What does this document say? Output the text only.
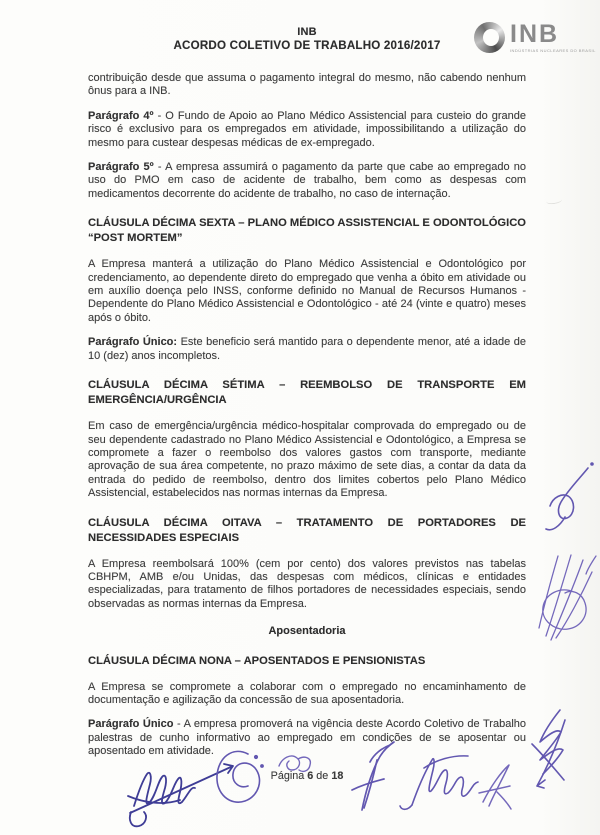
INB
ACORDO COLETIVO DE TRABALHO 2016/2017	INB
INDÚSTRIAS NUCLEARES DO BRASIL

contribuição desde que assuma o pagamento integral do mesmo, não cabendo nenhum ônus para a INB.

Parágrafo 4º - O Fundo de Apoio ao Plano Médico Assistencial para custeio do grande risco é exclusivo para os empregados em atividade, impossibilitando a utilização do mesmo para custear despesas médicas de ex-empregado.

Parágrafo 5º - A empresa assumirá o pagamento da parte que cabe ao empregado no uso do PMO em caso de acidente de trabalho, bem como as despesas com medicamentos decorrente do acidente de trabalho, no caso de internação.

CLÁUSULA DÉCIMA SEXTA – PLANO MÉDICO ASSISTENCIAL E ODONTOLÓGICO “POST MORTEM”

A Empresa manterá a utilização do Plano Médico Assistencial e Odontológico por credenciamento, ao dependente direto do empregado que venha a óbito em atividade ou em auxílio doença pelo INSS, conforme definido no Manual de Recursos Humanos - Dependente do Plano Médico Assistencial e Odontológico - até 24 (vinte e quatro) meses após o óbito.

Parágrafo Único: Este beneficio será mantido para o dependente menor, até a idade de 10 (dez) anos incompletos.

CLÁUSULA DÉCIMA SÉTIMA – REEMBOLSO DE TRANSPORTE EM EMERGÊNCIA/URGÊNCIA

Em caso de emergência/urgência médico-hospitalar comprovada do empregado ou de seu dependente cadastrado no Plano Médico Assistencial e Odontológico, a Empresa se compromete a fazer o reembolso dos valores gastos com transporte, mediante aprovação de sua área competente, no prazo máximo de sete dias, a contar da data da entrada do pedido de reembolso, dentro dos limites cobertos pelo Plano Médico Assistencial, estabelecidos nas normas internas da Empresa.

CLÁUSULA DÉCIMA OITAVA – TRATAMENTO DE PORTADORES DE NECESSIDADES ESPECIAIS

A Empresa reembolsará 100% (cem por cento) dos valores previstos nas tabelas CBHPM, AMB e/ou Unidas, das despesas com médicos, clínicas e entidades especializadas, para tratamento de filhos portadores de necessidades especiais, sendo observadas as normas internas da Empresa.

Aposentadoria

CLÁUSULA DÉCIMA NONA – APOSENTADOS E PENSIONISTAS

A Empresa se compromete a colaborar com o empregado no encaminhamento de documentação e agilização da concessão de sua aposentadoria.

Parágrafo Único - A empresa promoverá na vigência deste Acordo Coletivo de Trabalho palestras de cunho informativo ao empregado em condições de se aposentar ou aposentado em atividade.

Página 6 de 18
